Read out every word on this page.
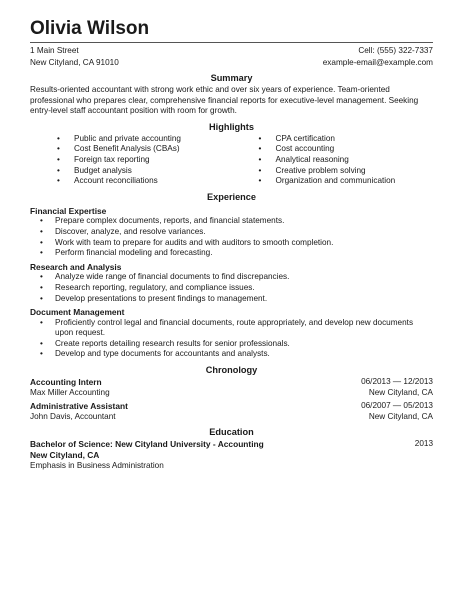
Olivia Wilson
1 Main Street
New Cityland, CA 91010
Cell: (555) 322-7337
example-email@example.com
Summary

Results-oriented accountant with strong work ethic and over six years of experience. Team-oriented professional who prepares clear, comprehensive financial reports for executive-level management. Seeking entry-level staff accountant position with room for growth.

Highlights
• Public and private accounting
• Cost Benefit Analysis (CBAs)
• Foreign tax reporting
• Budget analysis
• Account reconciliations
• CPA certification
• Cost accounting
• Analytical reasoning
• Creative problem solving
• Organization and communication
Experience
Financial Expertise
• Prepare complex documents, reports, and financial statements.
• Discover, analyze, and resolve variances.
• Work with team to prepare for audits and with auditors to smooth completion.
• Perform financial modeling and forecasting.
Research and Analysis
• Analyze wide range of financial documents to find discrepancies.
• Research reporting, regulatory, and compliance issues.
• Develop presentations to present findings to management.
Document Management
• Proficiently control legal and financial documents, route appropriately, and develop new documents upon request.
• Create reports detailing research results for senior professionals.
• Develop and type documents for accountants and analysts.
Chronology
Accounting Intern	06/2013 — 12/2013
Max Miller Accounting	New Cityland, CA
Administrative Assistant	06/2007 — 05/2013
John Davis, Accountant	New Cityland, CA
Education
Bachelor of Science: New Cityland University - Accounting	2013
New Cityland, CA
Emphasis in Business Administration
